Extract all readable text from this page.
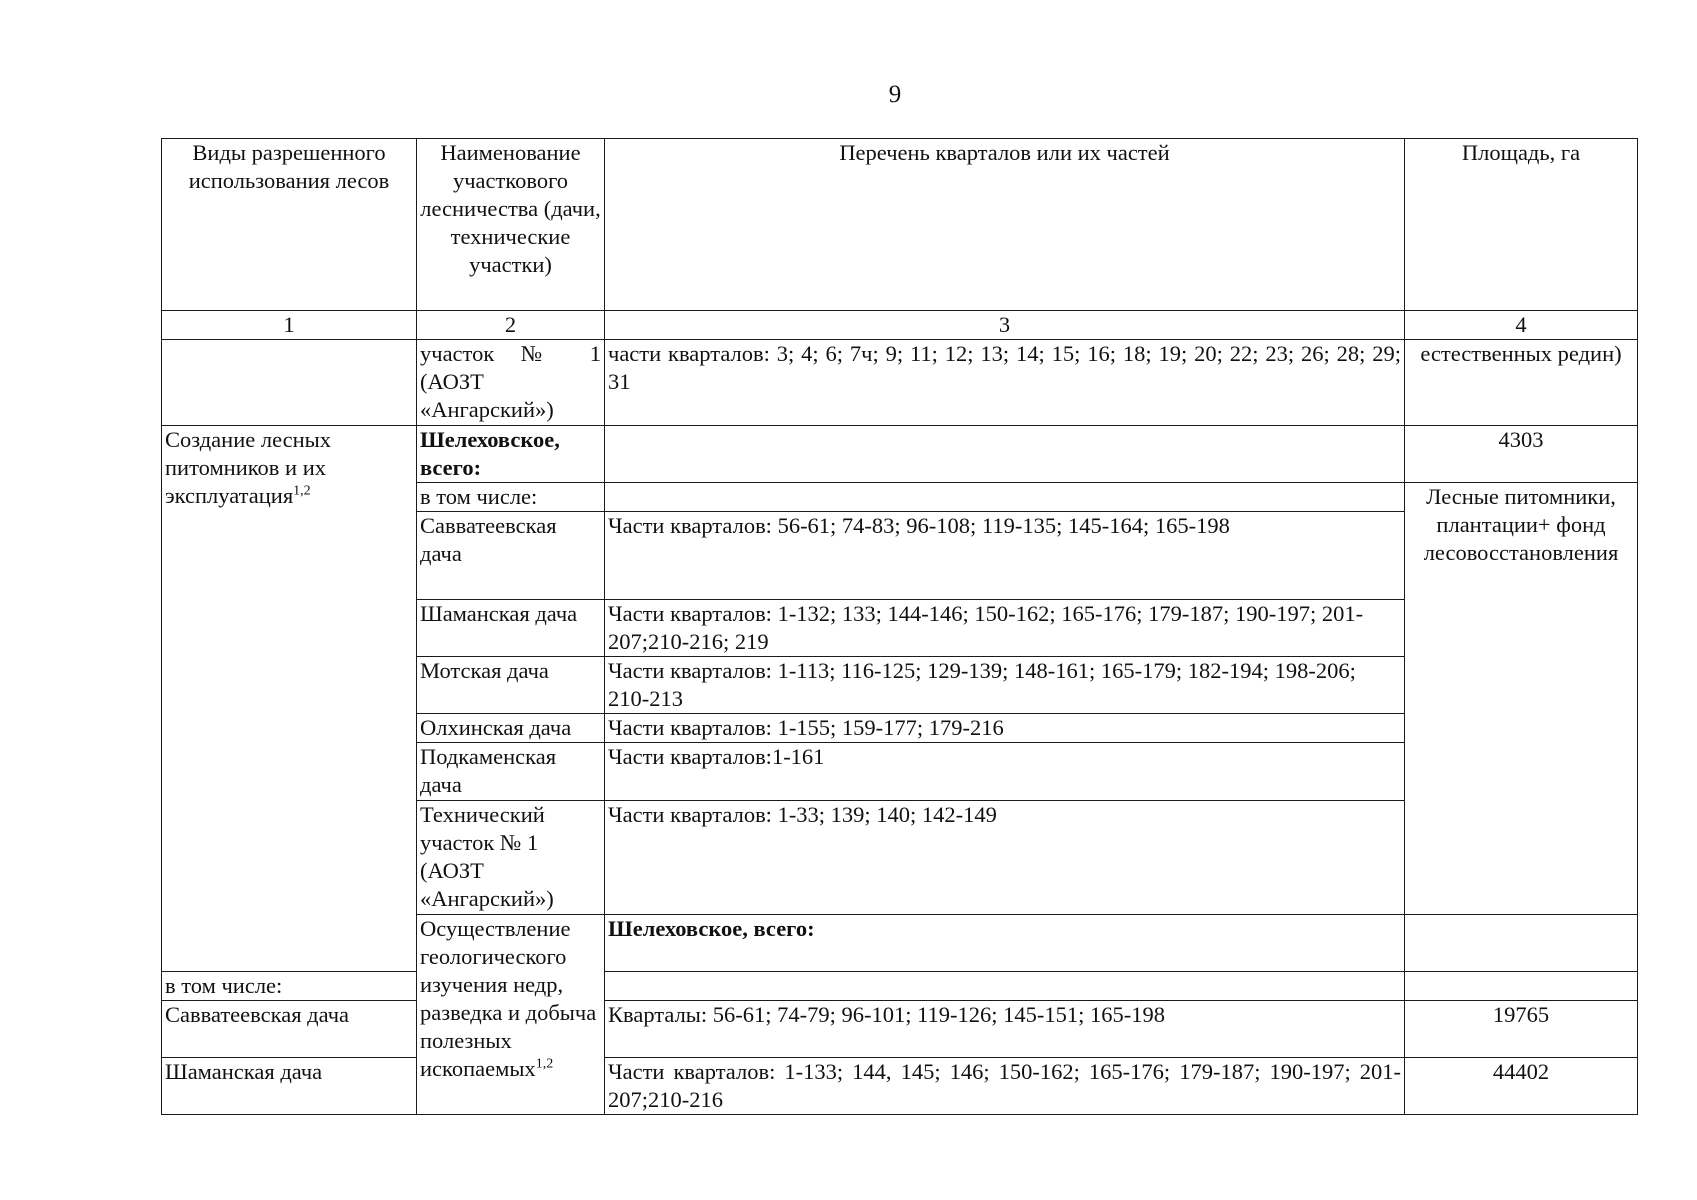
9
Виды разрешенного использования лесов	Наименование участкового лесничества (дачи, технические участки)	Перечень кварталов или их частей	Площадь, га	
1	2	3	4	
	участок № 1 (АОЗТ «Ангарский»)	части кварталов: 3; 4; 6; 7ч; 9; 11; 12; 13; 14; 15; 16; 18; 19; 20; 22; 23; 26; 28; 29; 31	естественных редин)	
Создание лесных питомников и их эксплуатация$^{1,2}$	Шелеховское, всего:		4303	
	в том числе:		Лесные питомники, плантации+ фонд лесовосстановления	
	Савватеевская дача	Части кварталов: 56-61; 74-83; 96-108; 119-135; 145-164; 165-198		
	Шаманская дача	Части кварталов: 1-132; 133; 144-146; 150-162; 165-176; 179-187; 190-197; 201-207;210-216; 219		
	Мотская дача	Части кварталов: 1-113; 116-125; 129-139; 148-161; 165-179; 182-194; 198-206; 210-213		
	Олхинская дача	Части кварталов: 1-155; 159-177; 179-216		
	Подкаменская дача	Части кварталов:1-161		
	Технический участок № 1 (АОЗТ «Ангарский»)	Части кварталов: 1-33; 139; 140; 142-149		
	Осуществление геологического изучения недр, разведка и добыча полезных ископаемых$^{1,2}$	Шелеховское, всего:		
в том числе:				
Савватеевская дача		Кварталы: 56-61; 74-79; 96-101; 119-126; 145-151; 165-198	19765	
Шаманская дача		Части кварталов: 1-133; 144, 145; 146; 150-162; 165-176; 179-187; 190-197; 201-207;210-216	44402	
